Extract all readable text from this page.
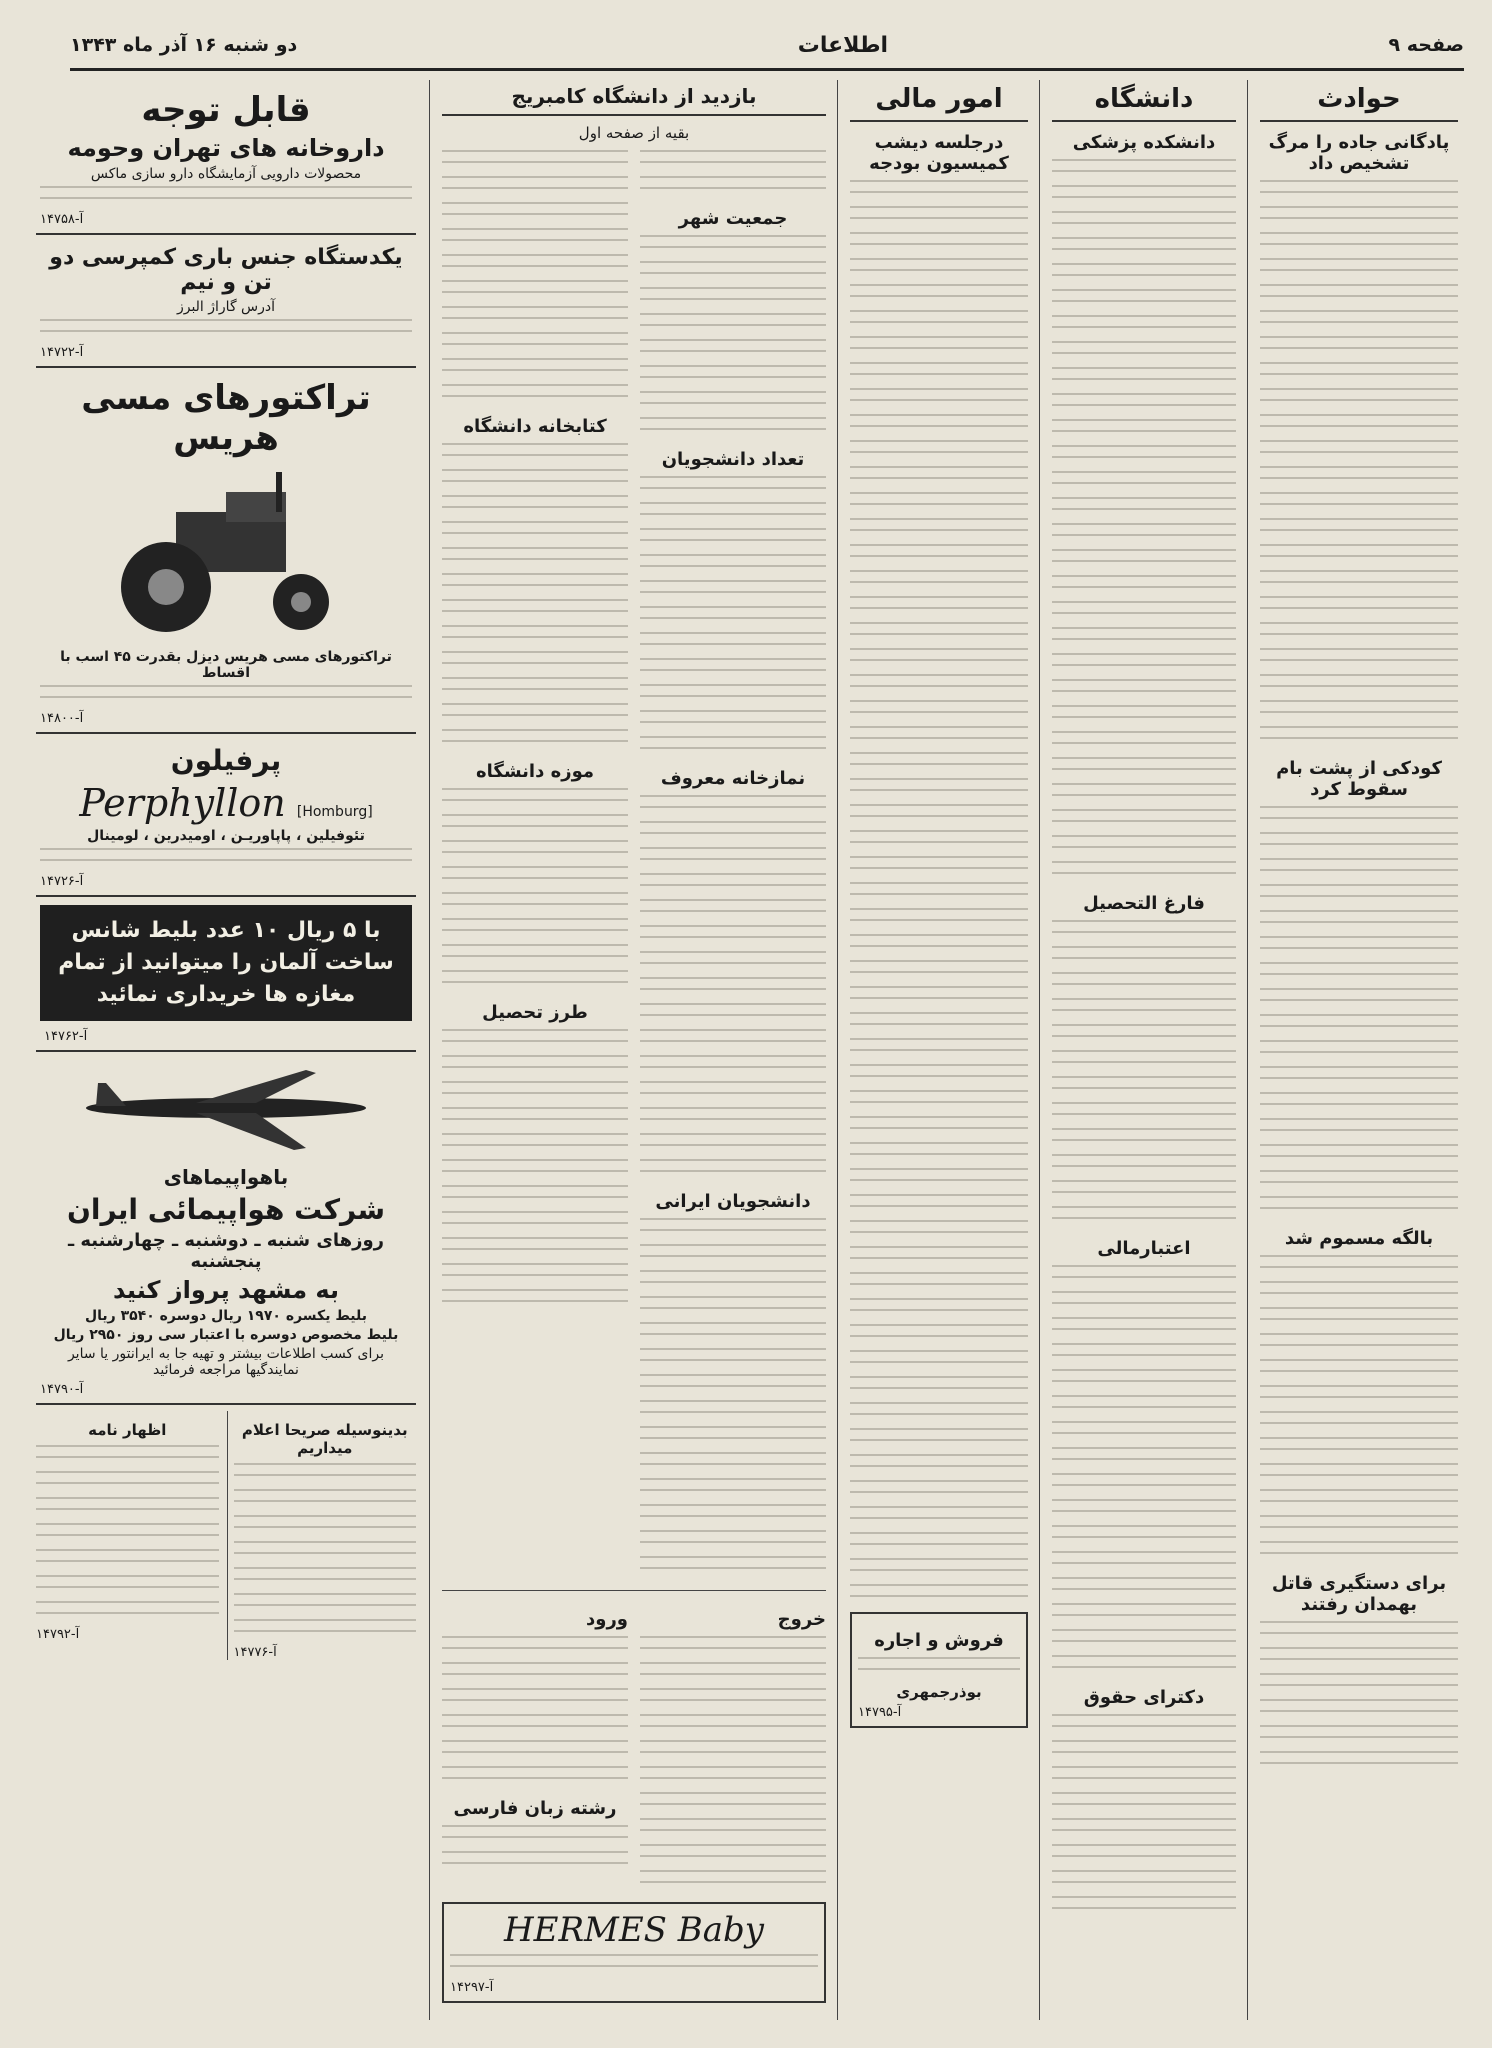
صفحه ۹
اطلاعات
دو شنبه ۱۶ آذر ماه ۱۳۴۳
حوادث
پادگانی جاده را مرگ تشخیص داد
کودکی از پشت بام سقوط کرد
بالگه مسموم شد
برای دستگیری قاتل بهمدان رفتند
دانشگاه
دانشکده پزشکی
فارغ التحصیل
اعتبارمالی
دکترای حقوق
امور مالی
درجلسه دیشب کمیسیون بودجه
فروش و اجاره
بوذرجمهری
آ-۱۴۷۹۵
بازدید از دانشگاه کامبریج
بقیه از صفحه اول
جمعیت شهر
تعداد دانشجویان
نمازخانه معروف
دانشجویان ایرانی
کتابخانه دانشگاه
موزه دانشگاه
طرز تحصیل
خروج
ورود
رشته زبان فارسی
HERMES Baby
آ-۱۴۲۹۷
قابل توجه
داروخانه های تهران وحومه
محصولات دارویی آزمایشگاه دارو سازی ماکس
آ-۱۴۷۵۸
یکدستگاه جنس باری کمپرسی دو تن و نیم
آدرس گاراژ البرز
آ-۱۴۷۲۲
تراکتورهای مسی هریس
تراکتورهای مسی هریس دیزل بقدرت ۴۵ اسب با اقساط
آ-۱۴۸۰۰
پرفیلون
Perphyllon [Homburg]
تئوفیلین ، پاپاوریـن ، اومیدرین ، لومینال
آ-۱۴۷۲۶
با ۵ ریال ۱۰ عدد بلیط شانس ساخت آلمان را میتوانید از تمام مغازه ها خریداری نمائید
آ-۱۴۷۶۲
باهواپیماهای
شرکت هواپیمائی ایران
روزهای شنبه ـ دوشنبه ـ چهارشنبه ـ پنجشنبه
به مشهد پرواز کنید
بلیط یکسره ۱۹۷۰ ریال دوسره ۳۵۴۰ ریال
بلیط مخصوص دوسره با اعتبار سی روز ۲۹۵۰ ریال
برای کسب اطلاعات بیشتر و تهیه جا به ایرانتور یا سایر نمایندگیها مراجعه فرمائید
آ-۱۴۷۹۰
بدینوسیله صریحا اعلام میداریم
آ-۱۴۷۷۶
اظهار نامه
آ-۱۴۷۹۲
